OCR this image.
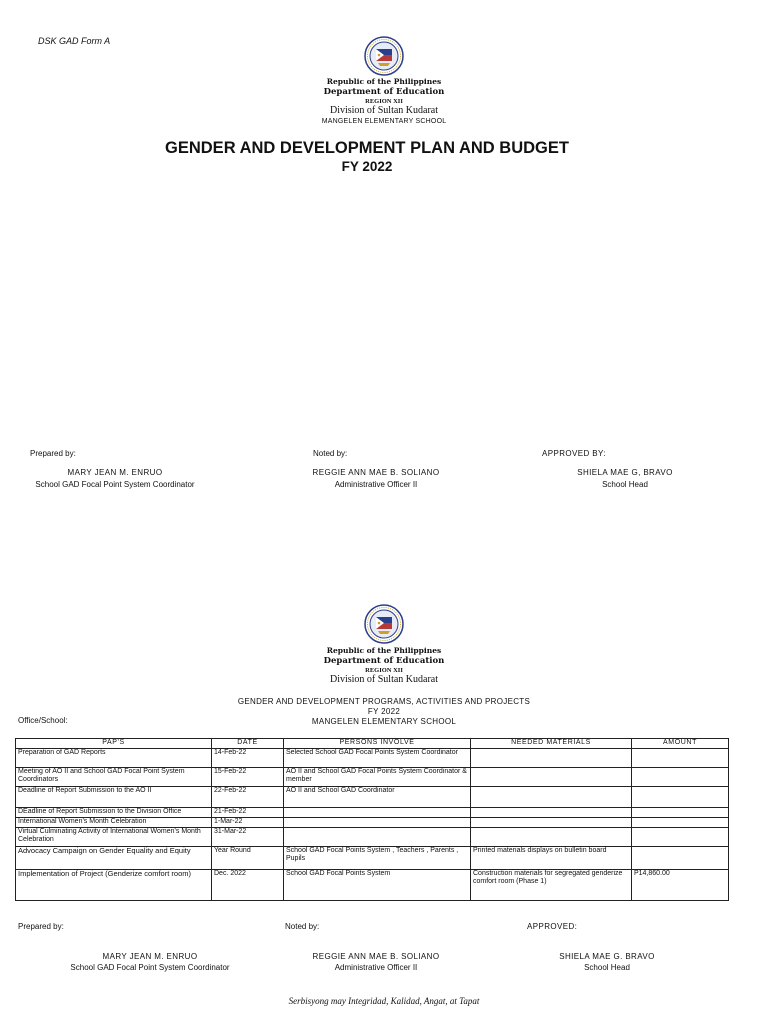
DSK GAD Form A
Republic of the Philippines
Department of Education
REGION XII
Division of Sultan Kudarat
MANGELEN ELEMENTARY SCHOOL
GENDER AND DEVELOPMENT PLAN AND BUDGET
FY 2022
Prepared by:	Noted by:	APPROVED BY:
MARY JEAN M. ENRUO
School GAD Focal Point System Coordinator
REGGIE ANN MAE B. SOLIANO
Administrative Officer II
SHIELA MAE G, BRAVO
School Head
Republic of the Philippines
Department of Education
REGION XII
Division of Sultan Kudarat
GENDER AND DEVELOPMENT PROGRAMS, ACTIVITIES AND PROJECTS
FY 2022
MANGELEN ELEMENTARY SCHOOL
Office/School:
PAP'S	DATE	PERSONS INVOLVE	NEEDED MATERIALS	AMOUNT
Preparation of GAD Reports	14-Feb-22	Selected School GAD Focal Points System Coordinator		
Meeting of AO II and School GAD Focal Point System Coordinators	15-Feb-22	AO II and School GAD Focal Points System Coordinator & member		
Deadline of Report Submission to the AO II	22-Feb-22	AO II and School GAD Coordinator		
DEadline of Report Submission to the Division Office	21-Feb-22			
International Women's Month Celebration	1-Mar-22			
Virtual Culminating Activity of International Women's Month Celebration	31-Mar-22			
Advocacy Campaign on Gender Equality and Equity	Year Round	School GAD Focal Points System , Teachers , Parents , Pupils	Printed materials displays on bulletin board	
Implementation of Project (Genderize comfort room)	Dec. 2022	School GAD Focal Points System	Construction materials for segregated genderize comfort room (Phase 1)	P14,860.00
Prepared by:	Noted by:	APPROVED:
MARY JEAN M. ENRUO
School GAD Focal Point System Coordinator
REGGIE ANN MAE B. SOLIANO
Administrative Officer II
SHIELA MAE G. BRAVO
School Head
Serbisyong may Integridad, Kalidad, Angat, at Tapat
